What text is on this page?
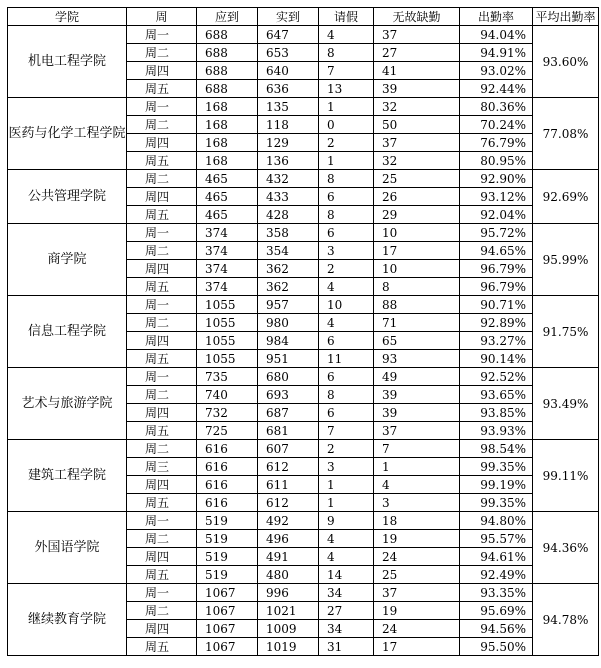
学院	周	应到	实到	请假	无故缺勤	出勤率	平均出勤率
机电工程学院	周一	688	647	4	37	94.04%	93.60%
	周二	688	653	8	27	94.91%	
	周四	688	640	7	41	93.02%	
	周五	688	636	13	39	92.44%	
医药与化学工程学院	周一	168	135	1	32	80.36%	77.08%
	周二	168	118	0	50	70.24%	
	周四	168	129	2	37	76.79%	
	周五	168	136	1	32	80.95%	
公共管理学院	周二	465	432	8	25	92.90%	92.69%
	周四	465	433	6	26	93.12%	
	周五	465	428	8	29	92.04%	
商学院	周一	374	358	6	10	95.72%	95.99%
	周二	374	354	3	17	94.65%	
	周四	374	362	2	10	96.79%	
	周五	374	362	4	8	96.79%	
信息工程学院	周一	1055	957	10	88	90.71%	91.75%
	周二	1055	980	4	71	92.89%	
	周四	1055	984	6	65	93.27%	
	周五	1055	951	11	93	90.14%	
艺术与旅游学院	周一	735	680	6	49	92.52%	93.49%
	周二	740	693	8	39	93.65%	
	周四	732	687	6	39	93.85%	
	周五	725	681	7	37	93.93%	
建筑工程学院	周二	616	607	2	7	98.54%	99.11%
	周三	616	612	3	1	99.35%	
	周四	616	611	1	4	99.19%	
	周五	616	612	1	3	99.35%	
外国语学院	周一	519	492	9	18	94.80%	94.36%
	周二	519	496	4	19	95.57%	
	周四	519	491	4	24	94.61%	
	周五	519	480	14	25	92.49%	
继续教育学院	周一	1067	996	34	37	93.35%	94.78%
	周二	1067	1021	27	19	95.69%	
	周四	1067	1009	34	24	94.56%	
	周五	1067	1019	31	17	95.50%	
